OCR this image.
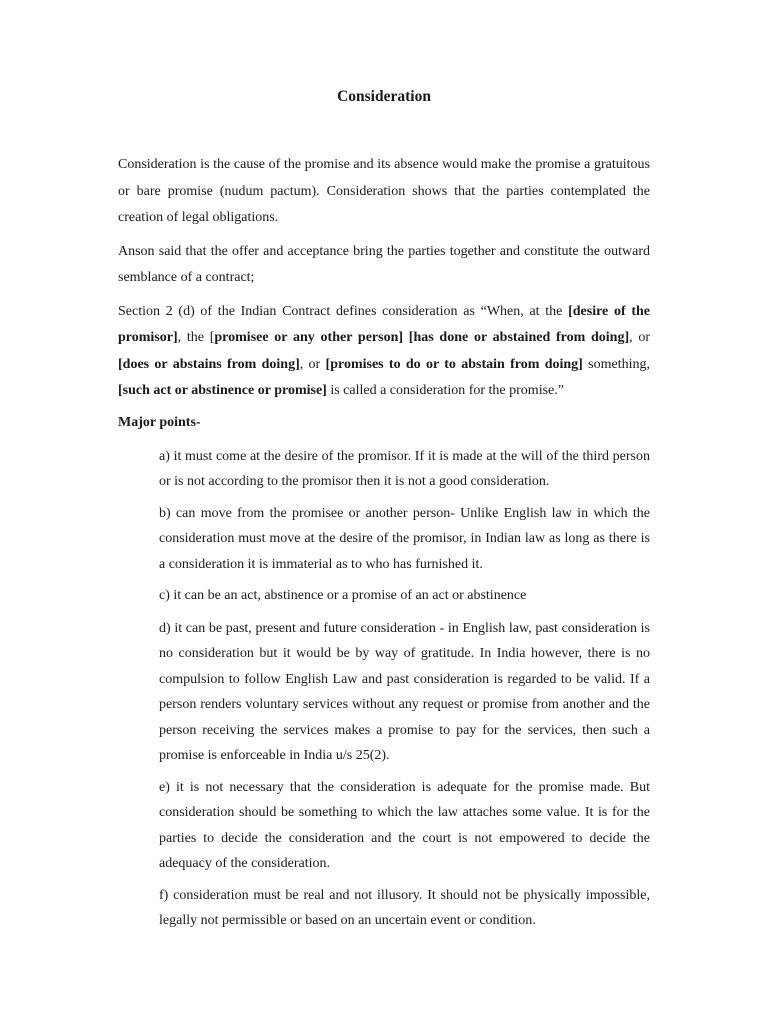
Consideration

Consideration is the cause of the promise and its absence would make the promise a gratuitous or bare promise (nudum pactum). Consideration shows that the parties contemplated the creation of legal obligations.

Anson said that the offer and acceptance bring the parties together and constitute the outward semblance of a contract;

Section 2 (d) of the Indian Contract defines consideration as “When, at the [desire of the promisor], the [promisee or any other person] [has done or abstained from doing], or [does or abstains from doing], or [promises to do or to abstain from doing] something, [such act or abstinence or promise] is called a consideration for the promise.”

Major points-

a) it must come at the desire of the promisor. If it is made at the will of the third person or is not according to the promisor then it is not a good consideration.

b) can move from the promisee or another person- Unlike English law in which the consideration must move at the desire of the promisor, in Indian law as long as there is a consideration it is immaterial as to who has furnished it.

c) it can be an act, abstinence or a promise of an act or abstinence

d) it can be past, present and future consideration - in English law, past consideration is no consideration but it would be by way of gratitude. In India however, there is no compulsion to follow English Law and past consideration is regarded to be valid. If a person renders voluntary services without any request or promise from another and the person receiving the services makes a promise to pay for the services, then such a promise is enforceable in India u/s 25(2).

e) it is not necessary that the consideration is adequate for the promise made. But consideration should be something to which the law attaches some value. It is for the parties to decide the consideration and the court is not empowered to decide the adequacy of the consideration.

f) consideration must be real and not illusory. It should not be physically impossible, legally not permissible or based on an uncertain event or condition.
